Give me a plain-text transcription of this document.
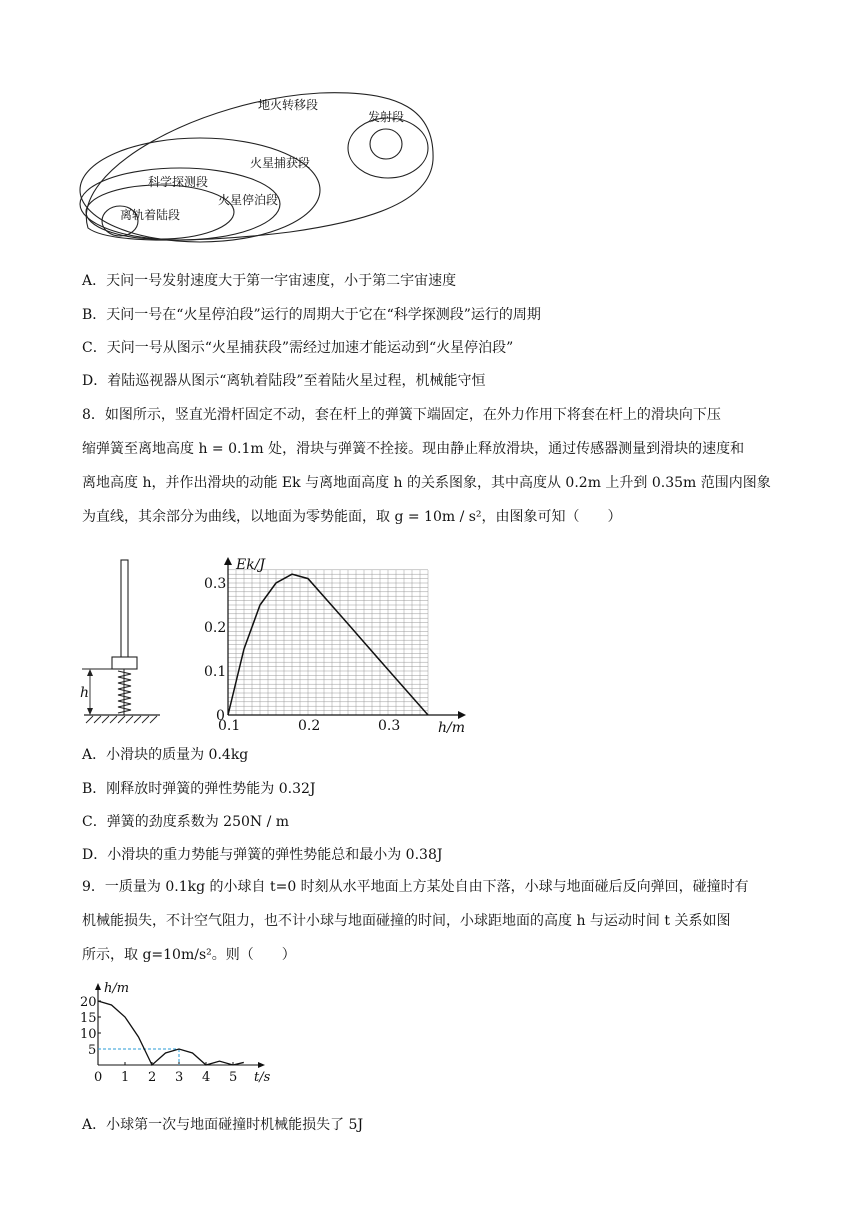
地火转移段
发射段
火星捕获段
科学探测段
火星停泊段
离轨着陆段
A．天问一号发射速度大于第一宇宙速度，小于第二宇宙速度
B．天问一号在“火星停泊段”运行的周期大于它在“科学探测段”运行的周期
C．天问一号从图示“火星捕获段”需经过加速才能运动到“火星停泊段”
D．着陆巡视器从图示“离轨着陆段”至着陆火星过程，机械能守恒
8．如图所示，竖直光滑杆固定不动，套在杆上的弹簧下端固定，在外力作用下将套在杆上的滑块向下压
缩弹簧至离地高度 h = 0.1m 处，滑块与弹簧不拴接。现由静止释放滑块，通过传感器测量到滑块的速度和
离地高度 h，并作出滑块的动能 Ek 与离地面高度 h 的关系图象，其中高度从 0.2m 上升到 0.35m 范围内图象
为直线，其余部分为曲线，以地面为零势能面，取 g = 10m / s²，由图象可知（　　）
h
0.1	0.2	0.3
0
0.1
0.2
0.3
Ek/J
h/m
A．小滑块的质量为 0.4kg
B．刚释放时弹簧的弹性势能为 0.32J
C．弹簧的劲度系数为 250N / m
D．小滑块的重力势能与弹簧的弹性势能总和最小为 0.38J
9．一质量为 0.1kg 的小球自 t=0 时刻从水平地面上方某处自由下落，小球与地面碰后反向弹回，碰撞时有
机械能损失，不计空气阻力，也不计小球与地面碰撞的时间，小球距地面的高度 h 与运动时间 t 关系如图
所示，取 g=10m/s²。则（　　）
0 1 2 3 4 5
5
10
15
20
h/m
t/s
A．小球第一次与地面碰撞时机械能损失了 5J
